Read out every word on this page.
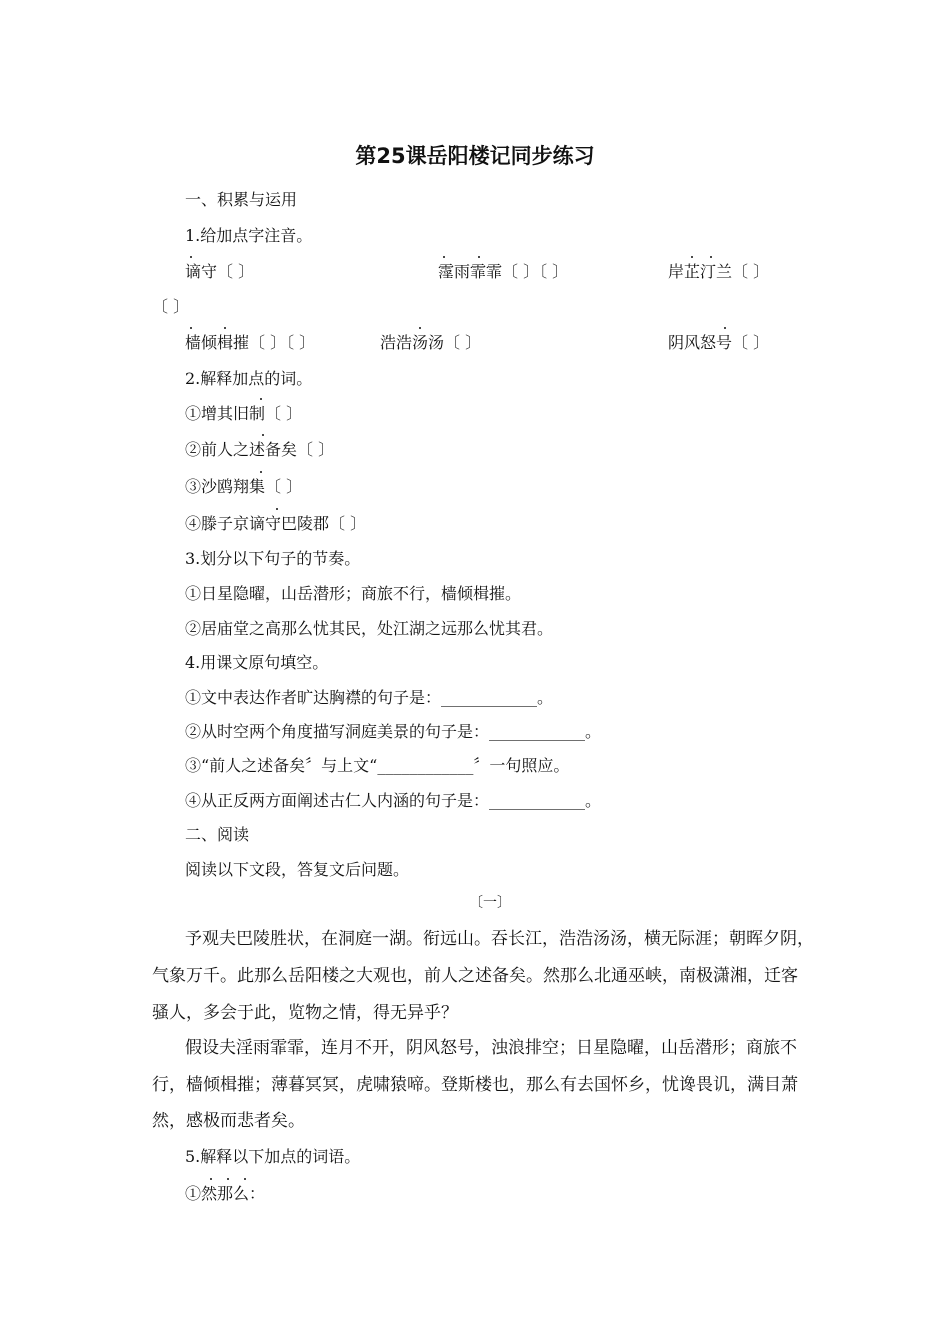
第25课岳阳楼记同步练习
一、积累与运用
1.给加点字注音。
谪守〔 〕	霪雨霏霏〔 〕〔 〕	岸芷汀兰〔 〕
〔 〕
樯倾楫摧〔 〕〔 〕	浩浩汤汤〔 〕	阴风怒号〔 〕
2.解释加点的词。
①增其旧制〔 〕
②前人之述备矣〔 〕
③沙鸥翔集〔 〕
④滕子京谪守巴陵郡〔 〕
3.划分以下句子的节奏。
①日星隐曜，山岳潜形；商旅不行，樯倾楫摧。
②居庙堂之高那么忧其民，处江湖之远那么忧其君。
4.用课文原句填空。
①文中表达作者旷达胸襟的句子是：____________。
②从时空两个角度描写洞庭美景的句子是：____________。
③“前人之述备矣〞与上文“____________〞一句照应。
④从正反两方面阐述古仁人内涵的句子是：____________。
二、阅读
阅读以下文段，答复文后问题。
〔一〕
予观夫巴陵胜状，在洞庭一湖。衔远山。吞长江，浩浩汤汤，横无际涯；朝晖夕阴，
气象万千。此那么岳阳楼之大观也，前人之述备矣。然那么北通巫峡，南极潇湘，迁客
骚人，多会于此，览物之情，得无异乎？
假设夫淫雨霏霏，连月不开，阴风怒号，浊浪排空；日星隐曜，山岳潜形；商旅不
行，樯倾楫摧；薄暮冥冥，虎啸猿啼。登斯楼也，那么有去国怀乡，忧谗畏讥，满目萧
然，感极而悲者矣。
5.解释以下加点的词语。
①然那么：
